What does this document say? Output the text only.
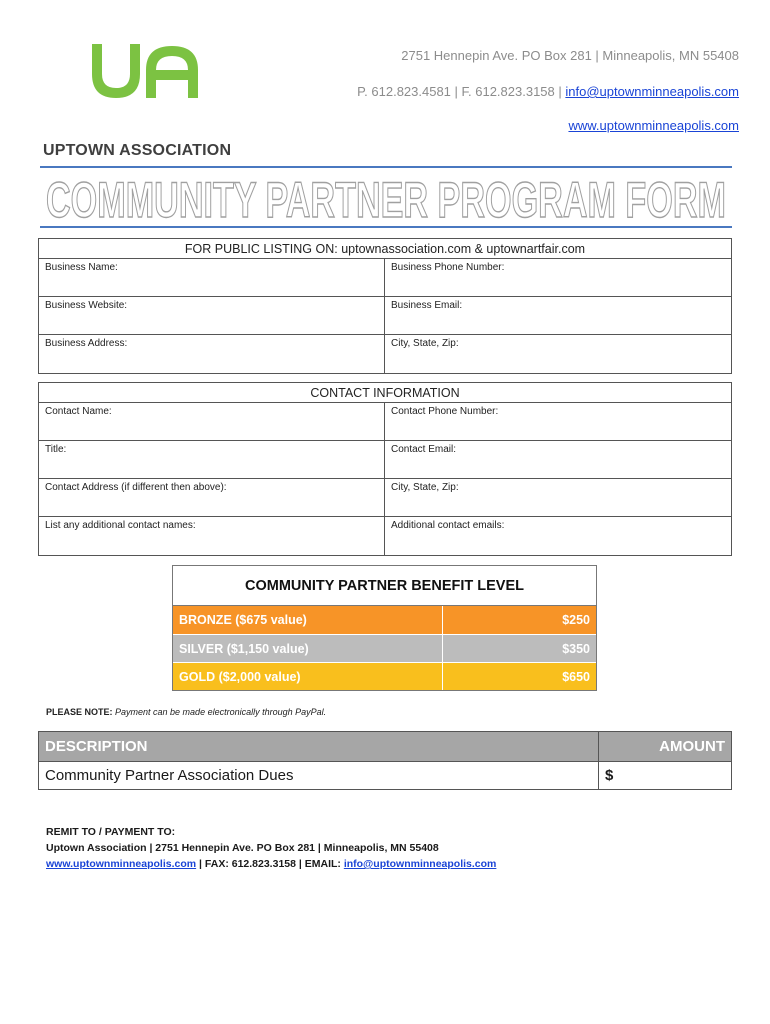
UPTOWN ASSOCIATION
2751 Hennepin Ave. PO Box 281 | Minneapolis, MN 55408
P. 612.823.4581 | F. 612.823.3158 | info@uptownminneapolis.com
www.uptownminneapolis.com
COMMUNITY PARTNER PROGRAM FORM
FOR PUBLIC LISTING ON: uptownassociation.com & uptownartfair.com
Business Name:	Business Phone Number:
Business Website:	Business Email:
Business Address:	City, State, Zip:
CONTACT INFORMATION
Contact Name:	Contact Phone Number:
Title:	Contact Email:
Contact Address (if different then above):	City, State, Zip:
List any additional contact names:	Additional contact emails:
COMMUNITY PARTNER BENEFIT LEVEL
BRONZE ($675 value)	$250
SILVER ($1,150 value)	$350
GOLD ($2,000 value)	$650
PLEASE NOTE: Payment can be made electronically through PayPal.
DESCRIPTION	AMOUNT
Community Partner Association Dues	$
REMIT TO / PAYMENT TO:
Uptown Association | 2751 Hennepin Ave. PO Box 281 | Minneapolis, MN 55408
www.uptownminneapolis.com | FAX: 612.823.3158 | EMAIL: info@uptownminneapolis.com
